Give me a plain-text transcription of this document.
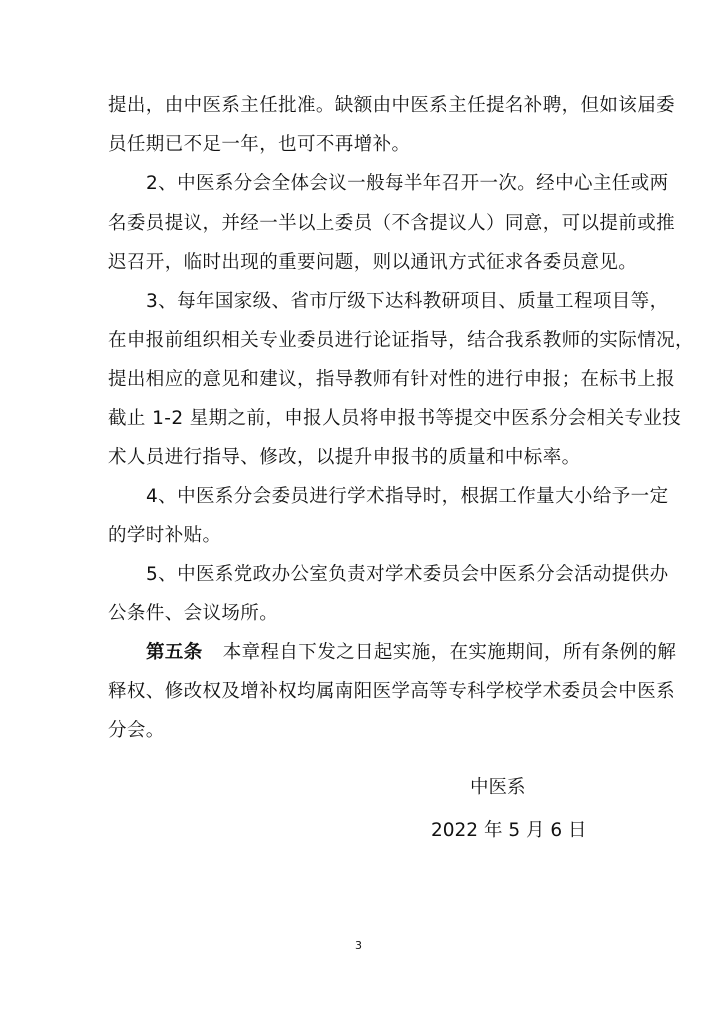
提出，由中医系主任批准。缺额由中医系主任提名补聘，但如该届委
员任期已不足一年，也可不再增补。
2、中医系分会全体会议一般每半年召开一次。经中心主任或两
名委员提议，并经一半以上委员（不含提议人）同意，可以提前或推
迟召开，临时出现的重要问题，则以通讯方式征求各委员意见。
3、每年国家级、省市厅级下达科教研项目、质量工程项目等，
在申报前组织相关专业委员进行论证指导，结合我系教师的实际情况，
提出相应的意见和建议，指导教师有针对性的进行申报；在标书上报
截止 1-2 星期之前，申报人员将申报书等提交中医系分会相关专业技
术人员进行指导、修改，以提升申报书的质量和中标率。
4、中医系分会委员进行学术指导时，根据工作量大小给予一定
的学时补贴。
5、中医系党政办公室负责对学术委员会中医系分会活动提供办
公条件、会议场所。
第五条 本章程自下发之日起实施，在实施期间，所有条例的解
释权、修改权及增补权均属南阳医学高等专科学校学术委员会中医系
分会。
中医系
2022 年 5 月 6 日
3
